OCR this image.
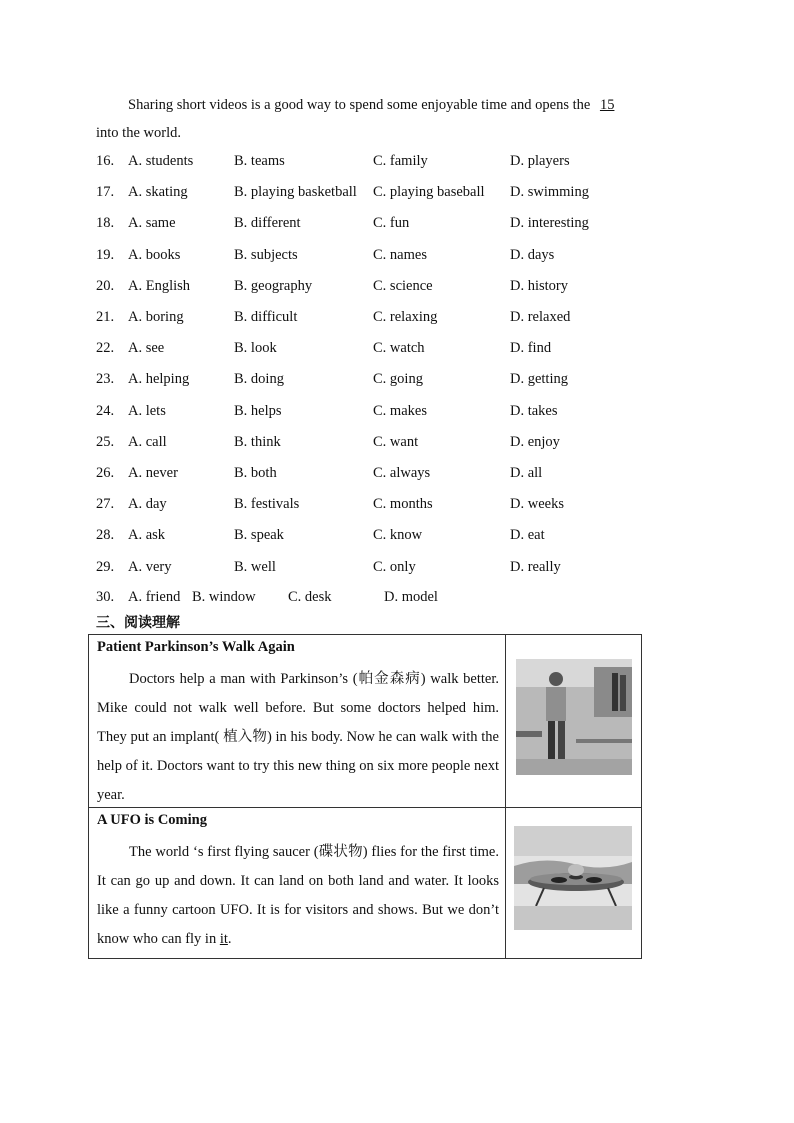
Sharing short videos is a good way to spend some enjoyable time and opens the 15
into the world.
16. A. students	B. teams	C. family	D. players
17. A. skating	B. playing basketball C. playing baseball D. swimming
18. A. same	B. different	C. fun	D. interesting
19. A. books	B. subjects	C. names	D. days
20. A. English	B. geography	C. science	D. history
21. A. boring	B. difficult	C. relaxing	D. relaxed
22. A. see	B. look	C. watch	D. find
23. A. helping	B. doing	C. going	D. getting
24. A. lets	B. helps	C. makes	D. takes
25. A. call	B. think	C. want	D. enjoy
26. A. never	B. both	C. always	D. all
27. A. day	B. festivals	C. months	D. weeks
28. A. ask	B. speak	C. know	D. eat
29. A. very	B. well	C. only	D. really
30. A. friend B. window C. desk	D. model
三、阅读理解
Patient Parkinson’s Walk Again
Doctors help a man with Parkinson’s (帕金森病) walk better. Mike could not walk well before. But some doctors helped him. They put an implant( 植入物) in his body. Now he can walk with the help of it. Doctors want to try this new thing on six more people next year.

A UFO is Coming
The world ‘s first flying saucer (碟状物) flies for the first time. It can go up and down. It can land on both land and water. It looks like a funny cartoon UFO. It is for visitors and shows. But we don’t know who can fly in it.
